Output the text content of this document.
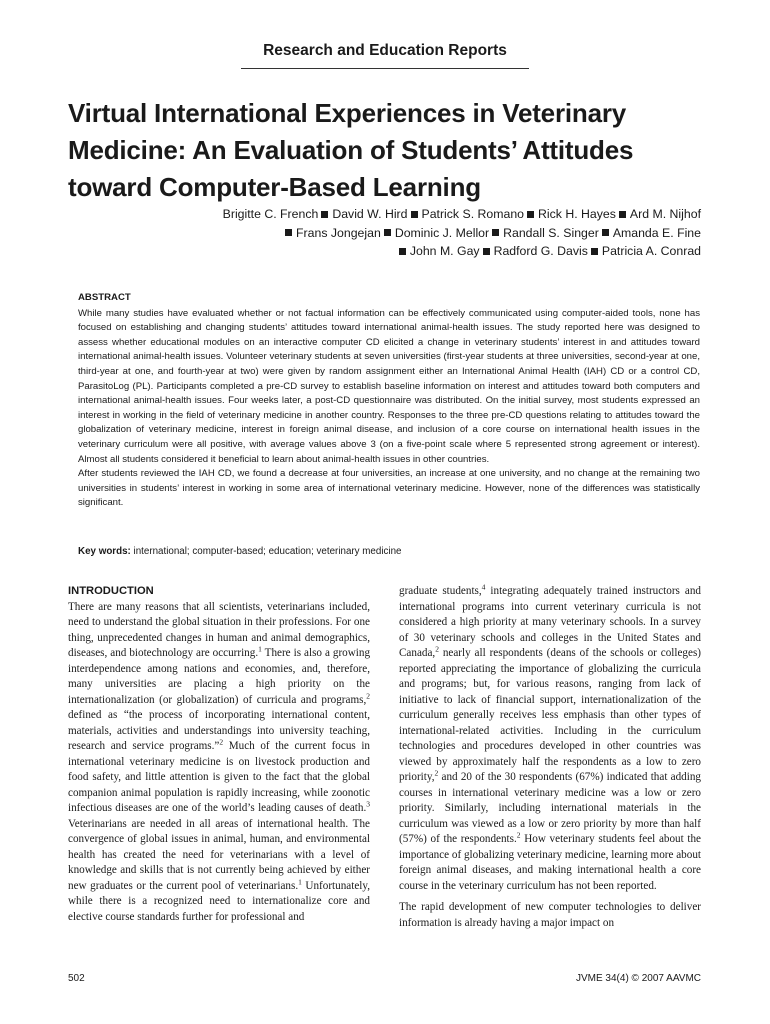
Research and Education Reports
Virtual International Experiences in Veterinary Medicine: An Evaluation of Students’ Attitudes toward Computer-Based Learning
Brigitte C. French David W. Hird Patrick S. Romano Rick H. Hayes Ard M. Nijhof
Frans Jongejan Dominic J. Mellor Randall S. Singer Amanda E. Fine
John M. Gay Radford G. Davis Patricia A. Conrad
ABSTRACT

While many studies have evaluated whether or not factual information can be effectively communicated using computer-aided tools, none has focused on establishing and changing students’ attitudes toward international animal-health issues. The study reported here was designed to assess whether educational modules on an interactive computer CD elicited a change in veterinary students’ interest in and attitudes toward international animal-health issues. Volunteer veterinary students at seven universities (first-year students at three universities, second-year at one, third-year at one, and fourth-year at two) were given by random assignment either an International Animal Health (IAH) CD or a control CD, ParasitoLog (PL). Participants completed a pre-CD survey to establish baseline information on interest and attitudes toward both computers and international animal-health issues. Four weeks later, a post-CD questionnaire was distributed. On the initial survey, most students expressed an interest in working in the field of veterinary medicine in another country. Responses to the three pre-CD questions relating to attitudes toward the globalization of veterinary medicine, interest in foreign animal disease, and inclusion of a core course on international health issues in the veterinary curriculum were all positive, with average values above 3 (on a five-point scale where 5 represented strong agreement or interest). Almost all students considered it beneficial to learn about animal-health issues in other countries.

After students reviewed the IAH CD, we found a decrease at four universities, an increase at one university, and no change at the remaining two universities in students’ interest in working in some area of international veterinary medicine. However, none of the differences was statistically significant.

Key words: international; computer-based; education; veterinary medicine
INTRODUCTION

There are many reasons that all scientists, veterinarians included, need to understand the global situation in their professions. For one thing, unprecedented changes in human and animal demographics, diseases, and biotechnology are occurring.$^1$ There is also a growing interdependence among nations and economies, and, therefore, many universities are placing a high priority on the internationalization (or globalization) of curricula and programs,$^2$ defined as “the process of incorporating international content, materials, activities and understandings into university teaching, research and service programs.”$^2$ Much of the current focus in international veterinary medicine is on livestock production and food safety, and little attention is given to the fact that the global companion animal population is rapidly increasing, while zoonotic infectious diseases are one of the world’s leading causes of death.$^3$ Veterinarians are needed in all areas of international health. The convergence of global issues in animal, human, and environmental health has created the need for veterinarians with a level of knowledge and skills that is not currently being achieved by either new graduates or the current pool of veterinarians.$^1$ Unfortunately, while there is a recognized need to internationalize core and elective course standards further for professional and

graduate students,$^4$ integrating adequately trained instructors and international programs into current veterinary curricula is not considered a high priority at many veterinary schools. In a survey of 30 veterinary schools and colleges in the United States and Canada,$^2$ nearly all respondents (deans of the schools or colleges) reported appreciating the importance of globalizing the curricula and programs; but, for various reasons, ranging from lack of initiative to lack of financial support, internationalization of the curriculum generally receives less emphasis than other types of international-related activities. Including in the curriculum technologies and procedures developed in other countries was viewed by approximately half the respondents as a low to zero priority,$^2$ and 20 of the 30 respondents (67%) indicated that adding courses in international veterinary medicine was a low or zero priority. Similarly, including international materials in the curriculum was viewed as a low or zero priority by more than half (57%) of the respondents.$^2$ How veterinary students feel about the importance of globalizing veterinary medicine, learning more about foreign animal diseases, and making international health a core course in the veterinary curriculum has not been reported.

The rapid development of new computer technologies to deliver information is already having a major impact on

502	JVME 34(4) © 2007 AAVMC
